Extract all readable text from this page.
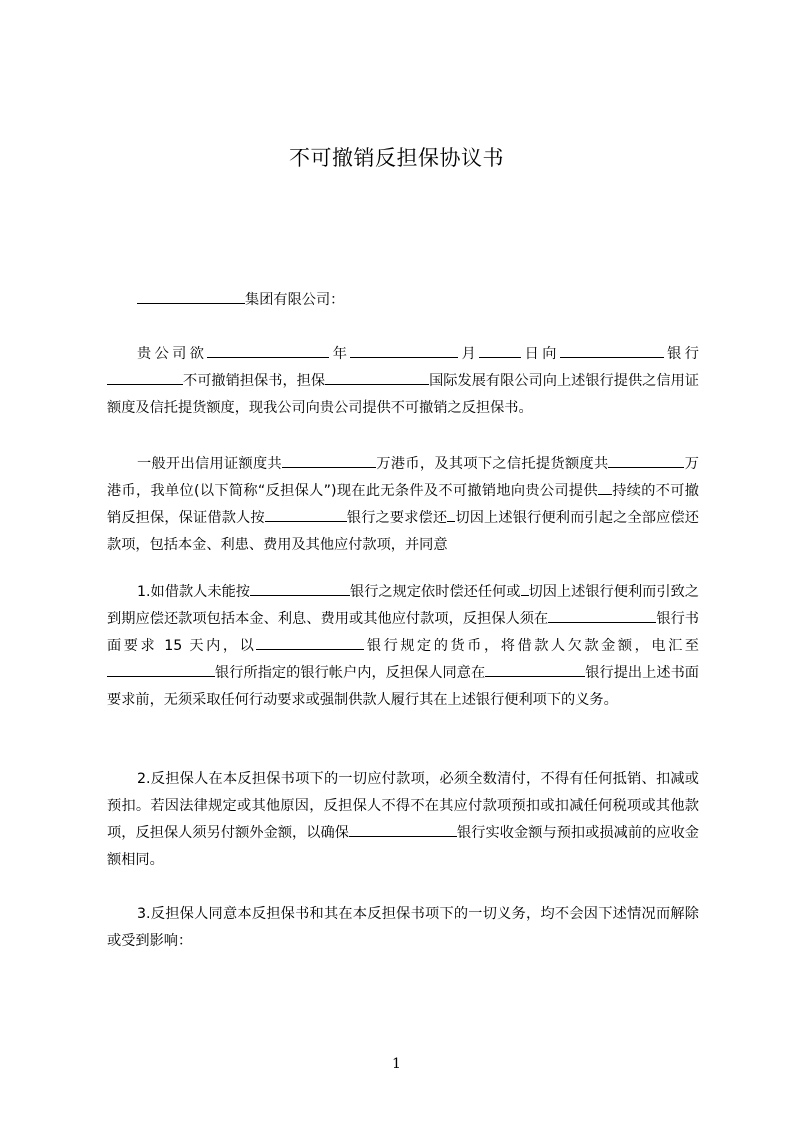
不可撤销反担保协议书

集团有限公司：

贵公司欲	年	月	日向	银行不可撤销担保书，担保	国际发展有限公司向上述银行提供之信用证额度及信托提货额度，现我公司向贵公司提供不可撤销之反担保书。

一般开出信用证额度共	万港币，及其项下之信托提货额度共	万港币，我单位(以下简称“反担保人”)现在此无条件及不可撤销地向贵公司提供 持续的不可撤销反担保，保证借款人按	银行之要求偿还 切因上述银行便利而引起之全部应偿还款项，包括本金、利患、费用及其他应付款项，并同意

1.如借款人未能按	银行之规定依时偿还任何或 切因上述银行便利而引致之到期应偿还款项包括本金、利息、费用或其他应付款项，反担保人须在	银行书面要求 15 天内，以	银行规定的货币，将借款人欠款金额，电汇至银行所指定的银行帐户内，反担保人同意在	银行提出上述书面要求前，无须采取任何行动要求或强制供款人履行其在上述银行便利项下的义务。

2.反担保人在本反担保书项下的一切应付款项，必须全数清付，不得有任何抵销、扣减或预扣。若因法律规定或其他原因，反担保人不得不在其应付款项预扣或扣减任何税项或其他款项，反担保人须另付额外金额，以确保	银行实收金额与预扣或损减前的应收金额相同。

3.反担保人同意本反担保书和其在本反担保书项下的一切义务，均不会因下述情况而解除或受到影响：

1
